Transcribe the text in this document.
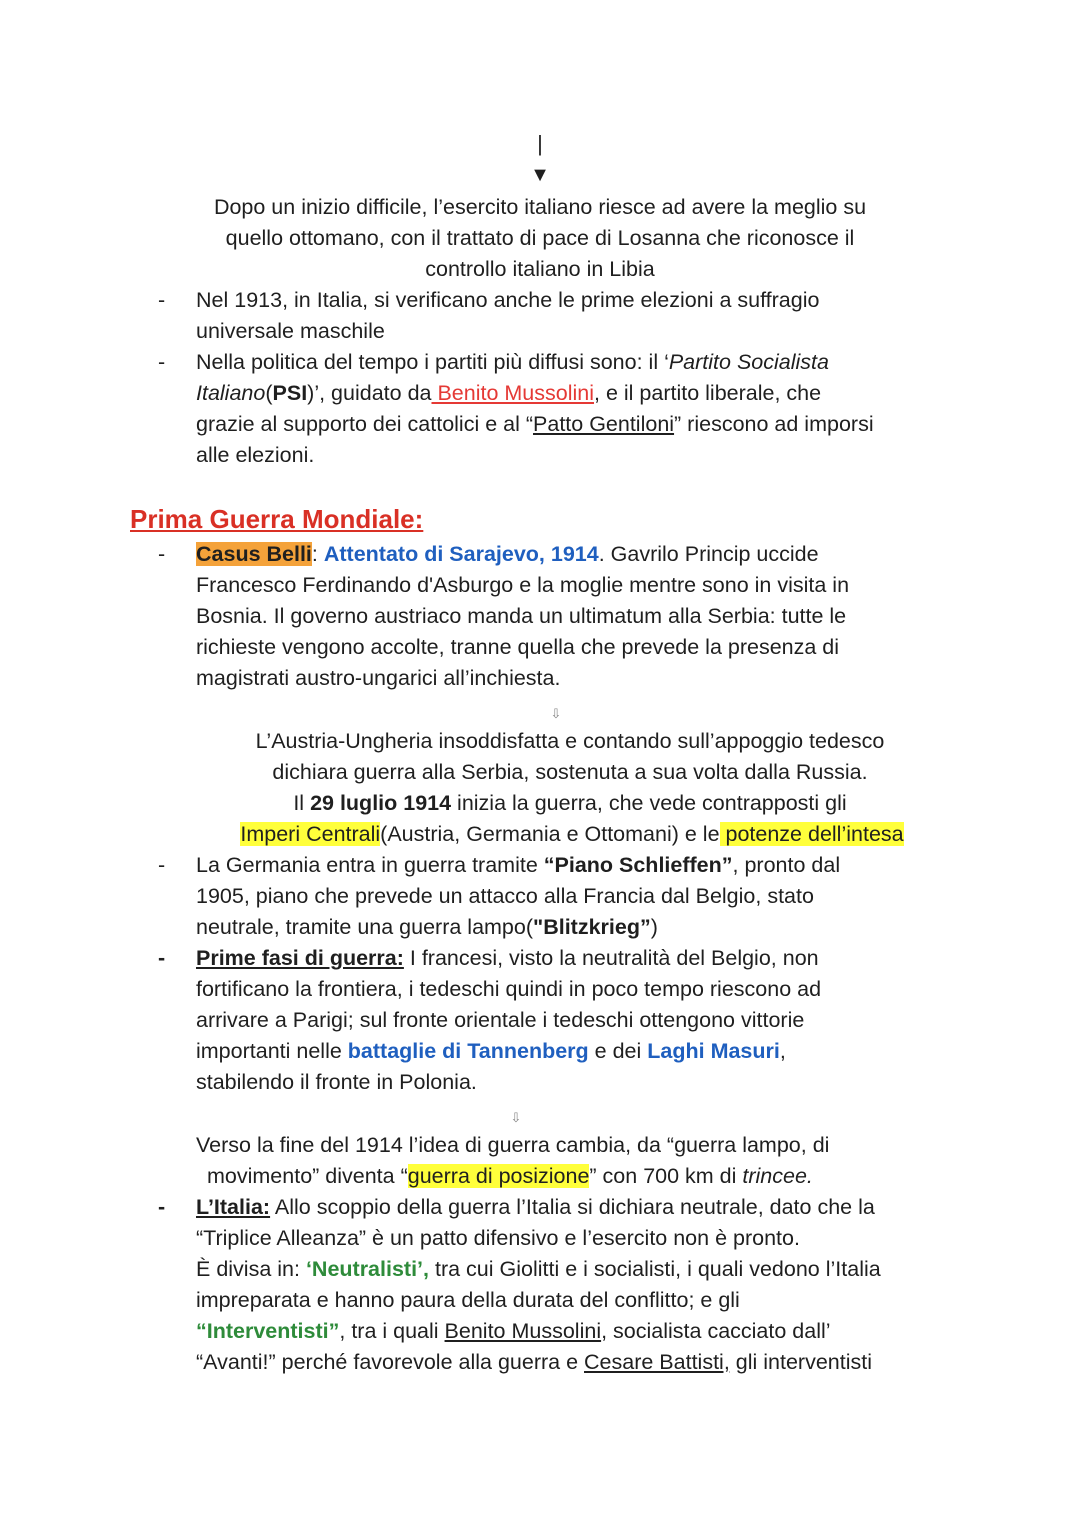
|
▼
Dopo un inizio difficile, l’esercito italiano riesce ad avere la meglio su
quello ottomano, con il trattato di pace di Losanna che riconosce il
controllo italiano in Libia
- Nel 1913, in Italia, si verificano anche le prime elezioni a suffragio
universale maschile
- Nella politica del tempo i partiti più diffusi sono: il ‘Partito Socialista
Italiano(PSI)’, guidato da Benito Mussolini, e il partito liberale, che
grazie al supporto dei cattolici e al “Patto Gentiloni” riescono ad imporsi
alle elezioni.
Prima Guerra Mondiale:
- Casus Belli: Attentato di Sarajevo, 1914. Gavrilo Princip uccide
Francesco Ferdinando d'Asburgo e la moglie mentre sono in visita in
Bosnia. Il governo austriaco manda un ultimatum alla Serbia: tutte le
richieste vengono accolte, tranne quella che prevede la presenza di
magistrati austro-ungarici all’inchiesta.
⇩
L’Austria-Ungheria insoddisfatta e contando sull’appoggio tedesco
dichiara guerra alla Serbia, sostenuta a sua volta dalla Russia.
Il 29 luglio 1914 inizia la guerra, che vede contrapposti gli
Imperi Centrali(Austria, Germania e Ottomani) e le potenze dell’intesa
- La Germania entra in guerra tramite “Piano Schlieffen”, pronto dal
1905, piano che prevede un attacco alla Francia dal Belgio, stato
neutrale, tramite una guerra lampo("Blitzkrieg”)
- Prime fasi di guerra: I francesi, visto la neutralità del Belgio, non
fortificano la frontiera, i tedeschi quindi in poco tempo riescono ad
arrivare a Parigi; sul fronte orientale i tedeschi ottengono vittorie
importanti nelle battaglie di Tannenberg e dei Laghi Masuri,
stabilendo il fronte in Polonia.
⇩
Verso la fine del 1914 l’idea di guerra cambia, da “guerra lampo, di
movimento” diventa “guerra di posizione” con 700 km di trincee.
- L’Italia: Allo scoppio della guerra l’Italia si dichiara neutrale, dato che la
“Triplice Alleanza” è un patto difensivo e l’esercito non è pronto.
È divisa in: ‘Neutralisti’, tra cui Giolitti e i socialisti, i quali vedono l’Italia
impreparata e hanno paura della durata del conflitto; e gli
“Interventisti”, tra i quali Benito Mussolini, socialista cacciato dall’
“Avanti!” perché favorevole alla guerra e Cesare Battisti, gli interventisti
